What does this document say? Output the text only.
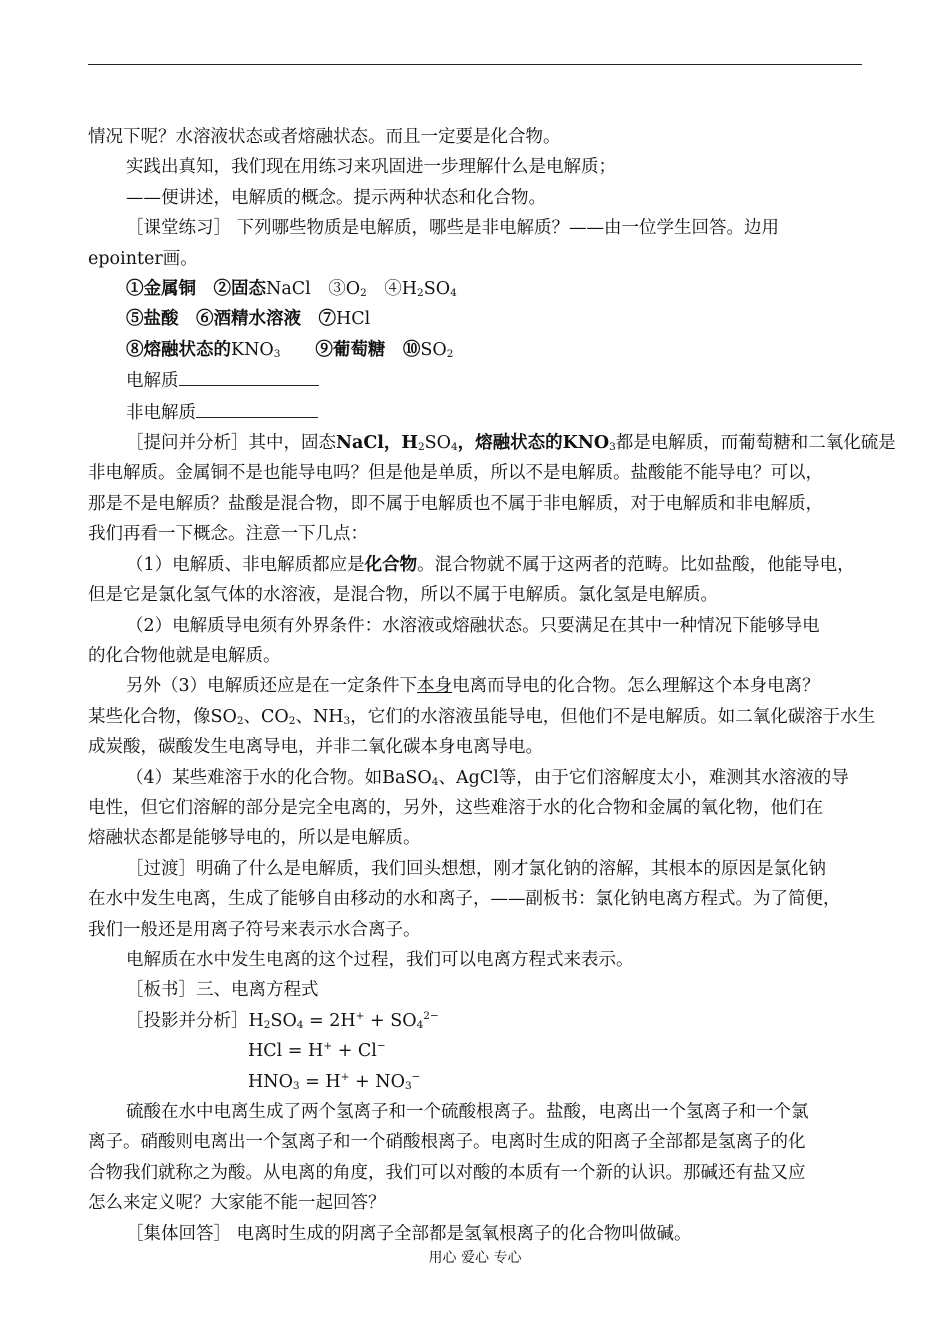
情况下呢？水溶液状态或者熔融状态。而且一定要是化合物。

实践出真知，我们现在用练习来巩固进一步理解什么是电解质；

——便讲述，电解质的概念。提示两种状态和化合物。

［课堂练习］ 下列哪些物质是电解质，哪些是非电解质？——由一位学生回答。边用

epointer画。

①金属铜　②固态NaCl　$③O_2$　$④H_2SO_4$

⑤盐酸　⑥酒精水溶液　⑦HCl

⑧熔融状态的$KNO_3$　　⑨葡萄糖　$⑩SO_2$

电解质

非电解质

［提问并分析］其中，固态NaCl，$H_2SO_4$，熔融状态的$KNO_3$都是电解质，而葡萄糖和二氧化硫是

非电解质。金属铜不是也能导电吗？但是他是单质，所以不是电解质。盐酸能不能导电？可以，

那是不是电解质？盐酸是混合物，即不属于电解质也不属于非电解质，对于电解质和非电解质，

我们再看一下概念。注意一下几点：

（1）电解质、非电解质都应是化合物。混合物就不属于这两者的范畴。比如盐酸，他能导电，

但是它是氯化氢气体的水溶液，是混合物，所以不属于电解质。氯化氢是电解质。

（2）电解质导电须有外界条件：水溶液或熔融状态。只要满足在其中一种情况下能够导电

的化合物他就是电解质。

另外（3）电解质还应是在一定条件下本身电离而导电的化合物。怎么理解这个本身电离？

某些化合物，像$SO_2$、$CO_2$、$NH_3$，它们的水溶液虽能导电，但他们不是电解质。如二氧化碳溶于水生

成炭酸，碳酸发生电离导电，并非二氧化碳本身电离导电。

（4）某些难溶于水的化合物。如BaSO$_4$、AgCl等，由于它们溶解度太小，难测其水溶液的导

电性，但它们溶解的部分是完全电离的，另外，这些难溶于水的化合物和金属的氧化物，他们在

熔融状态都是能够导电的，所以是电解质。

［过渡］明确了什么是电解质，我们回头想想，刚才氯化钠的溶解，其根本的原因是氯化钠

在水中发生电离，生成了能够自由移动的水和离子，——副板书：氯化钠电离方程式。为了简便，

我们一般还是用离子符号来表示水合离子。

电解质在水中发生电离的这个过程，我们可以电离方程式来表示。

［板书］三、电离方程式

［投影并分析$]H_2SO_4 = 2H^+ + SO_4^{2-}$

HCl = H+ + Cl−

$HNO_3 = H^+ + NO_3^-$

硫酸在水中电离生成了两个氢离子和一个硫酸根离子。盐酸，电离出一个氢离子和一个氯

离子。硝酸则电离出一个氢离子和一个硝酸根离子。电离时生成的阳离子全部都是氢离子的化

合物我们就称之为酸。从电离的角度，我们可以对酸的本质有一个新的认识。那碱还有盐又应

怎么来定义呢？大家能不能一起回答？

［集体回答］ 电离时生成的阴离子全部都是氢氧根离子的化合物叫做碱。

用心 爱心 专心
